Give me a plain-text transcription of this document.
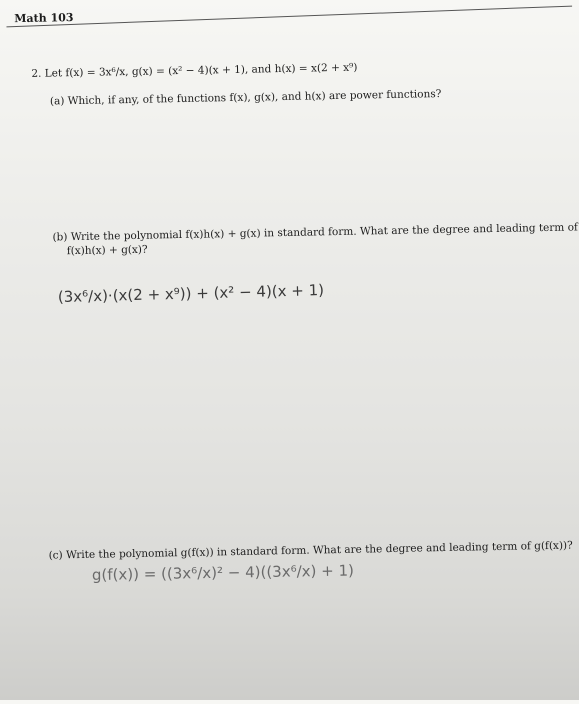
Math 103
2. Let f(x) = 3x⁶/x, g(x) = (x² − 4)(x + 1), and h(x) = x(2 + x⁹)
(a) Which, if any, of the functions f(x), g(x), and h(x) are power functions?
(b) Write the polynomial f(x)h(x) + g(x) in standard form. What are the degree and leading term of
f(x)h(x) + g(x)?
(c) Write the polynomial g(f(x)) in standard form. What are the degree and leading term of g(f(x))?
(3x⁶/x)·(x(2 + x⁹)) + (x² − 4)(x + 1)
g(f(x)) = ((3x⁶/x)² − 4)((3x⁶/x) + 1)
